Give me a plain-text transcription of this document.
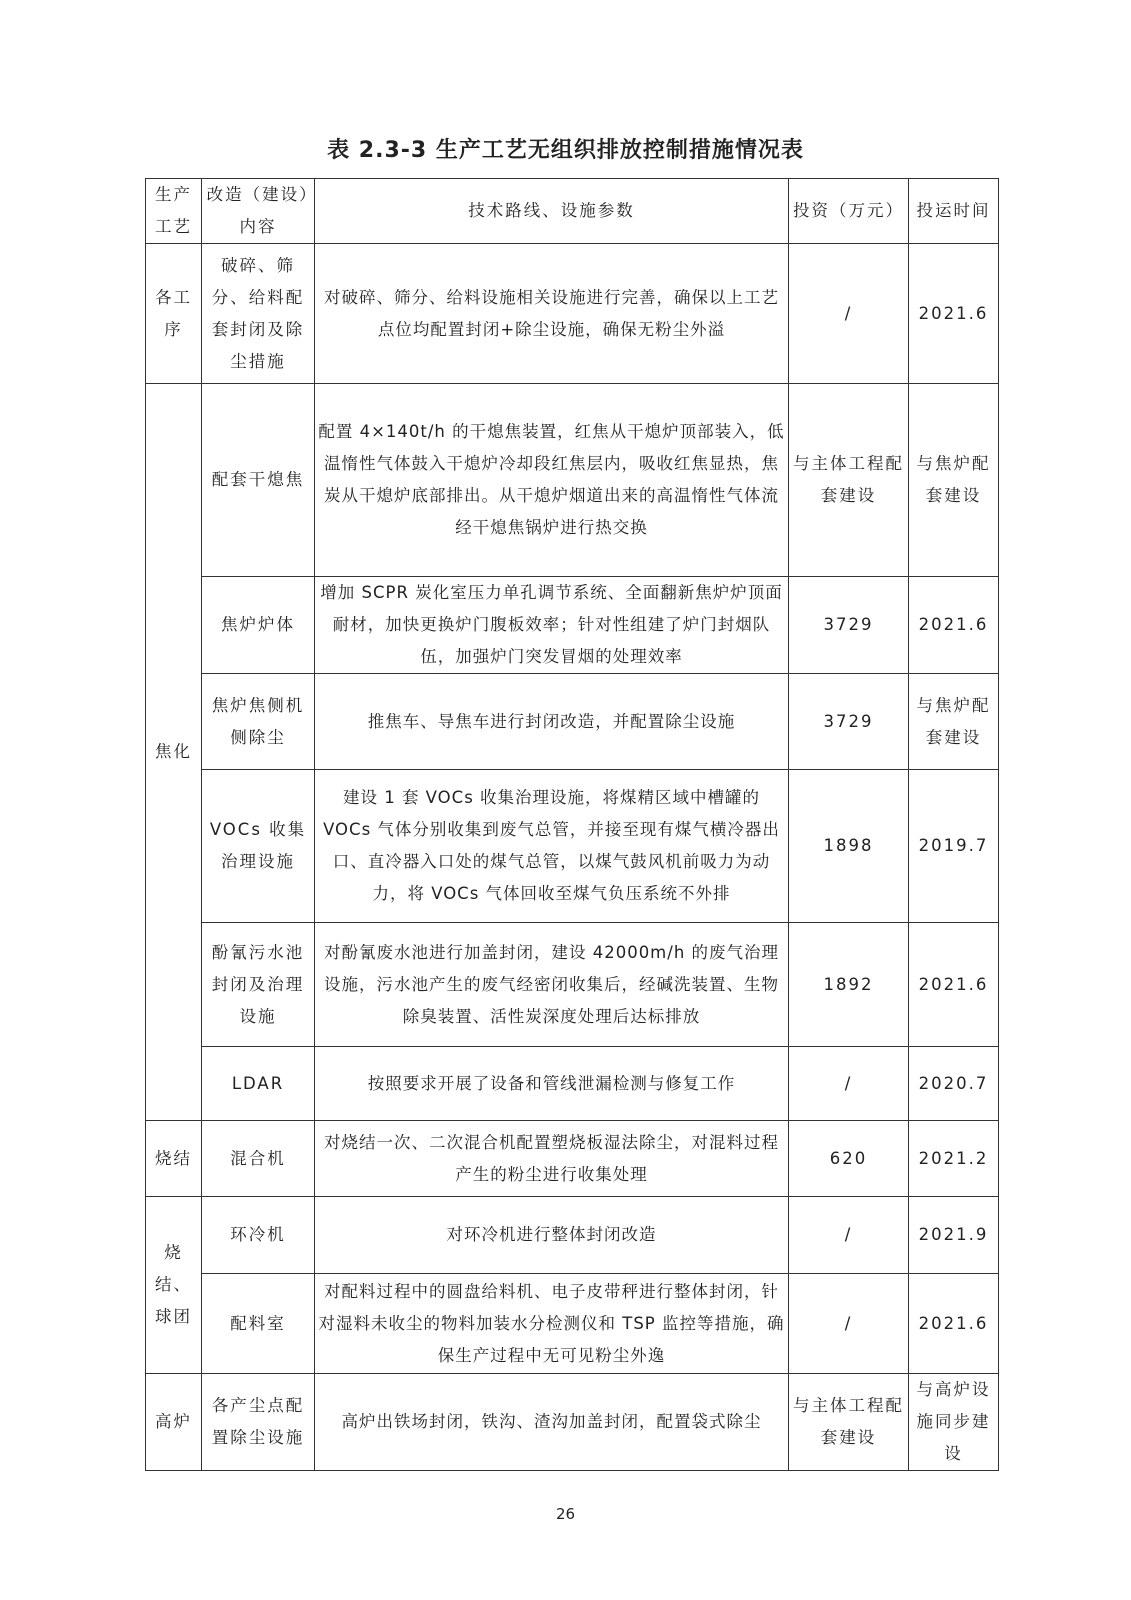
表 2.3-3 生产工艺无组织排放控制措施情况表
生产工艺	改造（建设）内容	技术路线、设施参数	投资（万元）	投运时间
各工序	破碎、筛分、给料配套封闭及除尘措施	对破碎、筛分、给料设施相关设施进行完善，确保以上工艺点位均配置封闭+除尘设施，确保无粉尘外溢	/	2021.6
焦化	配套干熄焦	配置 4×140t/h 的干熄焦装置，红焦从干熄炉顶部装入，低温惰性气体鼓入干熄炉冷却段红焦层内，吸收红焦显热，焦炭从干熄炉底部排出。从干熄炉烟道出来的高温惰性气体流经干熄焦锅炉进行热交换	与主体工程配套建设	与焦炉配套建设
	焦炉炉体	增加 SCPR 炭化室压力单孔调节系统、全面翻新焦炉炉顶面耐材，加快更换炉门腹板效率；针对性组建了炉门封烟队伍，加强炉门突发冒烟的处理效率	3729	2021.6
	焦炉焦侧机侧除尘	推焦车、导焦车进行封闭改造，并配置除尘设施	3729	与焦炉配套建设
	VOCs 收集治理设施	建设 1 套 VOCs 收集治理设施，将煤精区域中槽罐的 VOCs 气体分别收集到废气总管，并接至现有煤气横冷器出口、直冷器入口处的煤气总管，以煤气鼓风机前吸力为动力，将 VOCs 气体回收至煤气负压系统不外排	1898	2019.7
	酚氰污水池封闭及治理设施	对酚氰废水池进行加盖封闭，建设 42000m/h 的废气治理设施，污水池产生的废气经密闭收集后，经碱洗装置、生物除臭装置、活性炭深度处理后达标排放	1892	2021.6
	LDAR	按照要求开展了设备和管线泄漏检测与修复工作	/	2020.7
烧结	混合机	对烧结一次、二次混合机配置塑烧板湿法除尘，对混料过程产生的粉尘进行收集处理	620	2021.2
烧结、球团	环冷机	对环冷机进行整体封闭改造	/	2021.9
	配料室	对配料过程中的圆盘给料机、电子皮带秤进行整体封闭，针对湿料未收尘的物料加装水分检测仪和 TSP 监控等措施，确保生产过程中无可见粉尘外逸	/	2021.6
高炉	各产尘点配置除尘设施	高炉出铁场封闭，铁沟、渣沟加盖封闭，配置袋式除尘	与主体工程配套建设	与高炉设施同步建设
26
